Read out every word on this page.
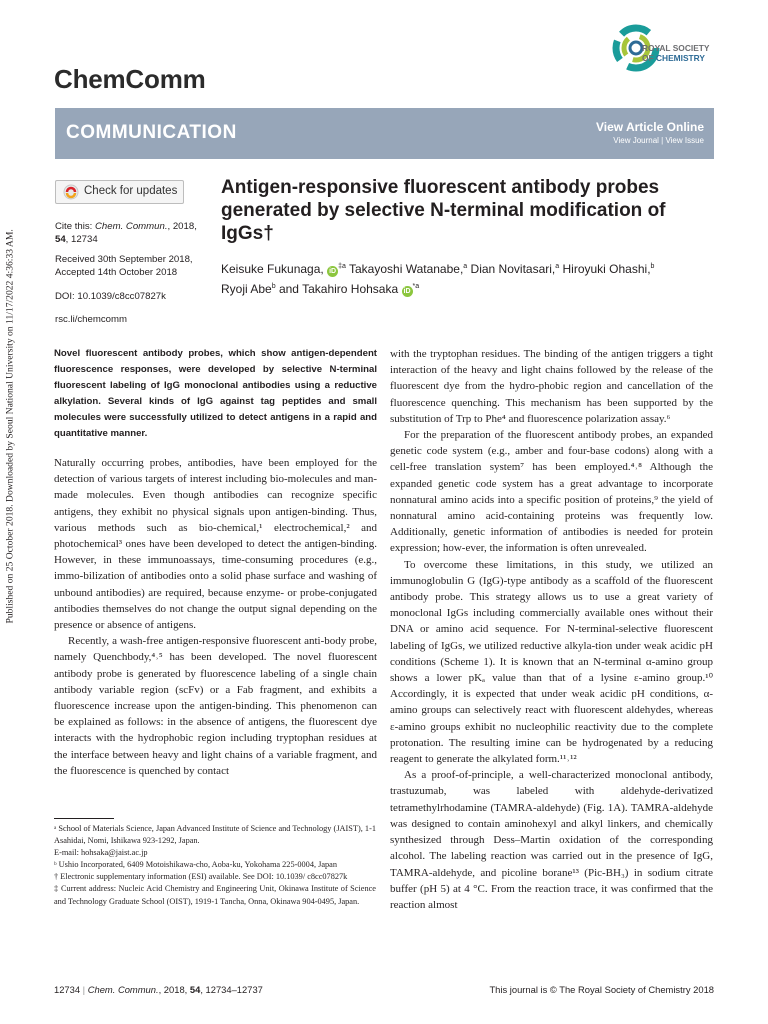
Published on 25 October 2018. Downloaded by Seoul National University on 11/17/2022 4:36:33 AM.
ChemComm
ROYAL SOCIETY
OF CHEMISTRY
COMMUNICATION	View Article Online
View Journal | View Issue
Check for updates
Cite this: Chem. Commun., 2018,
54, 12734
Received 30th September 2018,
Accepted 14th October 2018
DOI: 10.1039/c8cc07827k
rsc.li/chemcomm
Antigen-responsive fluorescent antibody probes generated by selective N-terminal modification of IgGs†
Keisuke Fukunaga, $iD^{\ddagger a}$ Takayoshi Watanabe,$^a$ Dian Novitasari,$^a$ Hiroyuki Ohashi,$^b$
Ryoji Abe$^b$ and Takahiro Hohsaka $iD^{*a}$
Novel fluorescent antibody probes, which show antigen-dependent fluorescence responses, were developed by selective N-terminal fluorescent labeling of IgG monoclonal antibodies using a reductive alkylation. Several kinds of IgG against tag peptides and small molecules were successfully utilized to detect antigens in a rapid and quantitative manner.

Naturally occurring probes, antibodies, have been employed for the detection of various targets of interest including bio-molecules and man-made molecules. Even though antibodies can recognize specific antigens, they exhibit no physical signals upon antigen-binding. Thus, various methods such as bio-chemical,¹ electrochemical,² and photochemical³ ones have been developed to detect the antigen-binding. However, in these immunoassays, time-consuming procedures (e.g., immo-bilization of antibodies onto a solid phase surface and washing of unbound antibodies) are required, because enzyme- or probe-conjugated antibodies themselves do not change the output signal depending on the presence or absence of antigens.

Recently, a wash-free antigen-responsive fluorescent anti-body probe, namely Quenchbody,⁴˒⁵ has been developed. The novel fluorescent antibody probe is generated by fluorescence labeling of a single chain antibody variable region (scFv) or a Fab fragment, and exhibits a fluorescence increase upon the antigen-binding. This phenomenon can be explained as follows: in the absence of antigens, the fluorescent dye interacts with the hydrophobic region including tryptophan residues at the interface between heavy and light chains of a variable fragment, and the fluorescence is quenched by contact

with the tryptophan residues. The binding of the antigen triggers a tight interaction of the heavy and light chains followed by the release of the fluorescent dye from the hydro-phobic region and cancellation of the fluorescence quenching. This mechanism has been supported by the substitution of Trp to Phe⁴ and fluorescence polarization assay.⁶

For the preparation of the fluorescent antibody probes, an expanded genetic code system (e.g., amber and four-base codons) along with a cell-free translation system⁷ has been employed.⁴˒⁸ Although the expanded genetic code system has a great advantage to incorporate nonnatural amino acids into a specific position of proteins,⁹ the yield of nonnatural amino acid-containing proteins was frequently low. Additionally, genetic information of antibodies is needed for protein expression; how-ever, the information is often unrevealed.

To overcome these limitations, in this study, we utilized an immunoglobulin G (IgG)-type antibody as a scaffold of the fluorescent antibody probe. This strategy allows us to use a great variety of monoclonal IgGs including commercially available ones without their DNA or amino acid sequence. For N-terminal-selective fluorescent labeling of IgGs, we utilized reductive alkyla-tion under weak acidic pH conditions (Scheme 1). It is known that an N-terminal α-amino group shows a lower pKₐ value than that of a lysine ε-amino group.¹⁰ Accordingly, it is expected that under weak acidic pH conditions, α-amino groups can selectively react with fluorescent aldehydes, whereas ε-amino groups exhibit no nucleophilic reactivity due to the complete protonation. The resulting imine can be hydrogenated by a reducing reagent to generate the alkylated form.¹¹˒¹²

As a proof-of-principle, a well-characterized monoclonal antibody, trastuzumab, was labeled with aldehyde-derivatized tetramethylrhodamine (TAMRA-aldehyde) (Fig. 1A). TAMRA-aldehyde was designed to contain aminohexyl and alkyl linkers, and chemically synthesized through Dess–Martin oxidation of the corresponding alcohol. The labeling reaction was carried out in the presence of IgG, TAMRA-aldehyde, and picoline borane¹³ (Pic-BH₃) in sodium citrate buffer (pH 5) at 4 °C. From the reaction trace, it was confirmed that the reaction almost

ᵃ School of Materials Science, Japan Advanced Institute of Science and Technology (JAIST), 1-1 Asahidai, Nomi, Ishikawa 923-1292, Japan.
E-mail: hohsaka@jaist.ac.jp
ᵇ Ushio Incorporated, 6409 Motoishikawa-cho, Aoba-ku, Yokohama 225-0004, Japan
† Electronic supplementary information (ESI) available. See DOI: 10.1039/ c8cc07827k
‡ Current address: Nucleic Acid Chemistry and Engineering Unit, Okinawa Institute of Science and Technology Graduate School (OIST), 1919-1 Tancha, Onna, Okinawa 904-0495, Japan.
12734 | Chem. Commun., 2018, 54, 12734–12737	This journal is © The Royal Society of Chemistry 2018
